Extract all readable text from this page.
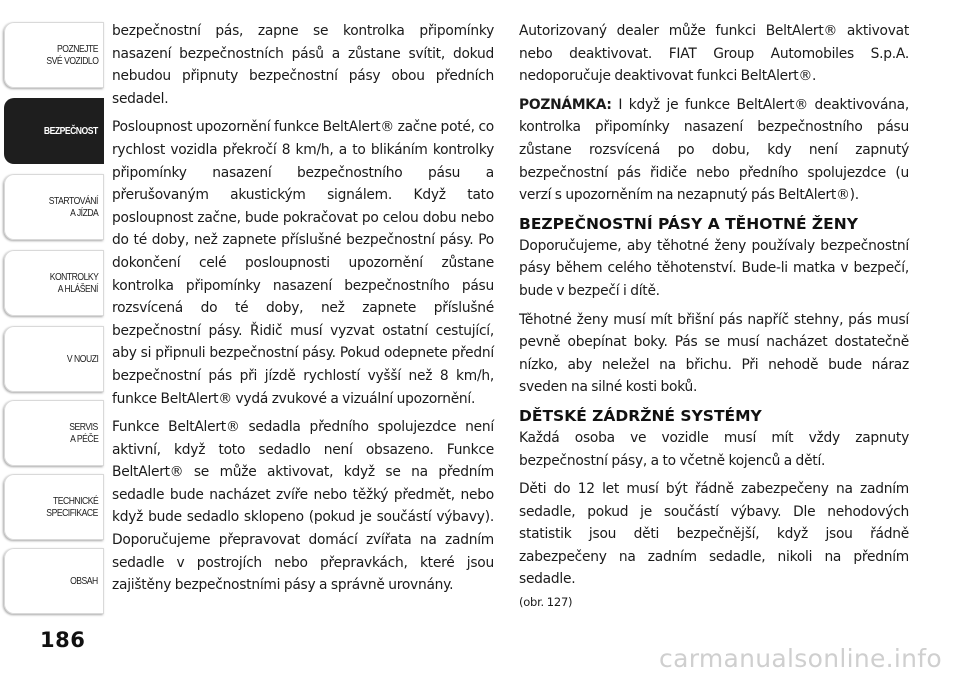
POZNEJTE
SVÉ VOZIDLO
BEZPEČNOST
STARTOVÁNÍ
A JÍZDA
KONTROLKY
A HLÁŠENÍ
V NOUZI
SERVIS
A PÉČE
TECHNICKÉ
SPECIFIKACE
OBSAH
186

bezpečnostní pás, zapne se kontrolka připomínky nasazení bezpečnostních pásů a zůstane svítit, dokud nebudou připnuty bezpečnostní pásy obou předních sedadel.

Posloupnost upozornění funkce BeltAlert® začne poté, co rychlost vozidla překročí 8 km/h, a to blikáním kontrolky připomínky nasazení bezpečnostního pásu a přerušovaným akustickým signálem. Když tato posloupnost začne, bude pokračovat po celou dobu nebo do té doby, než zapnete příslušné bezpečnostní pásy. Po dokončení celé posloupnosti upozornění zůstane kontrolka připomínky nasazení bezpečnostního pásu rozsvícená do té doby, než zapnete příslušné bezpečnostní pásy. Řidič musí vyzvat ostatní cestující, aby si připnuli bezpečnostní pásy. Pokud odepnete přední bezpečnostní pás při jízdě rychlostí vyšší než 8 km/h, funkce BeltAlert® vydá zvukové a vizuální upozornění.

Funkce BeltAlert® sedadla předního spolujezdce není aktivní, když toto sedadlo není obsazeno. Funkce BeltAlert® se může aktivovat, když se na předním sedadle bude nacházet zvíře nebo těžký předmět, nebo když bude sedadlo sklopeno (pokud je součástí výbavy). Doporučujeme přepravovat domácí zvířata na zadním sedadle v postrojích nebo přepravkách, které jsou zajištěny bezpečnostními pásy a správně urovnány.

Autorizovaný dealer může funkci BeltAlert® aktivovat nebo deaktivovat. FIAT Group Automobiles S.p.A. nedoporučuje deaktivovat funkci BeltAlert®.

POZNÁMKA: I když je funkce BeltAlert® deaktivována, kontrolka připomínky nasazení bezpečnostního pásu zůstane rozsvícená po dobu, kdy není zapnutý bezpečnostní pás řidiče nebo předního spolujezdce (u verzí s upozorněním na nezapnutý pás BeltAlert®).

BEZPEČNOSTNÍ PÁSY A TĚHOTNÉ ŽENY

Doporučujeme, aby těhotné ženy používaly bezpečnostní pásy během celého těhotenství. Bude-li matka v bezpečí, bude v bezpečí i dítě.

Těhotné ženy musí mít břišní pás napříč stehny, pás musí pevně obepínat boky. Pás se musí nacházet dostatečně nízko, aby neležel na břichu. Při nehodě bude náraz sveden na silné kosti boků.

DĚTSKÉ ZÁDRŽNÉ SYSTÉMY

Každá osoba ve vozidle musí mít vždy zapnuty bezpečnostní pásy, a to včetně kojenců a dětí.

Děti do 12 let musí být řádně zabezpečeny na zadním sedadle, pokud je součástí výbavy. Dle nehodových statistik jsou děti bezpečnější, když jsou řádně zabezpečeny na zadním sedadle, nikoli na předním sedadle.
(obr. 127)

carmanualsonline.info
